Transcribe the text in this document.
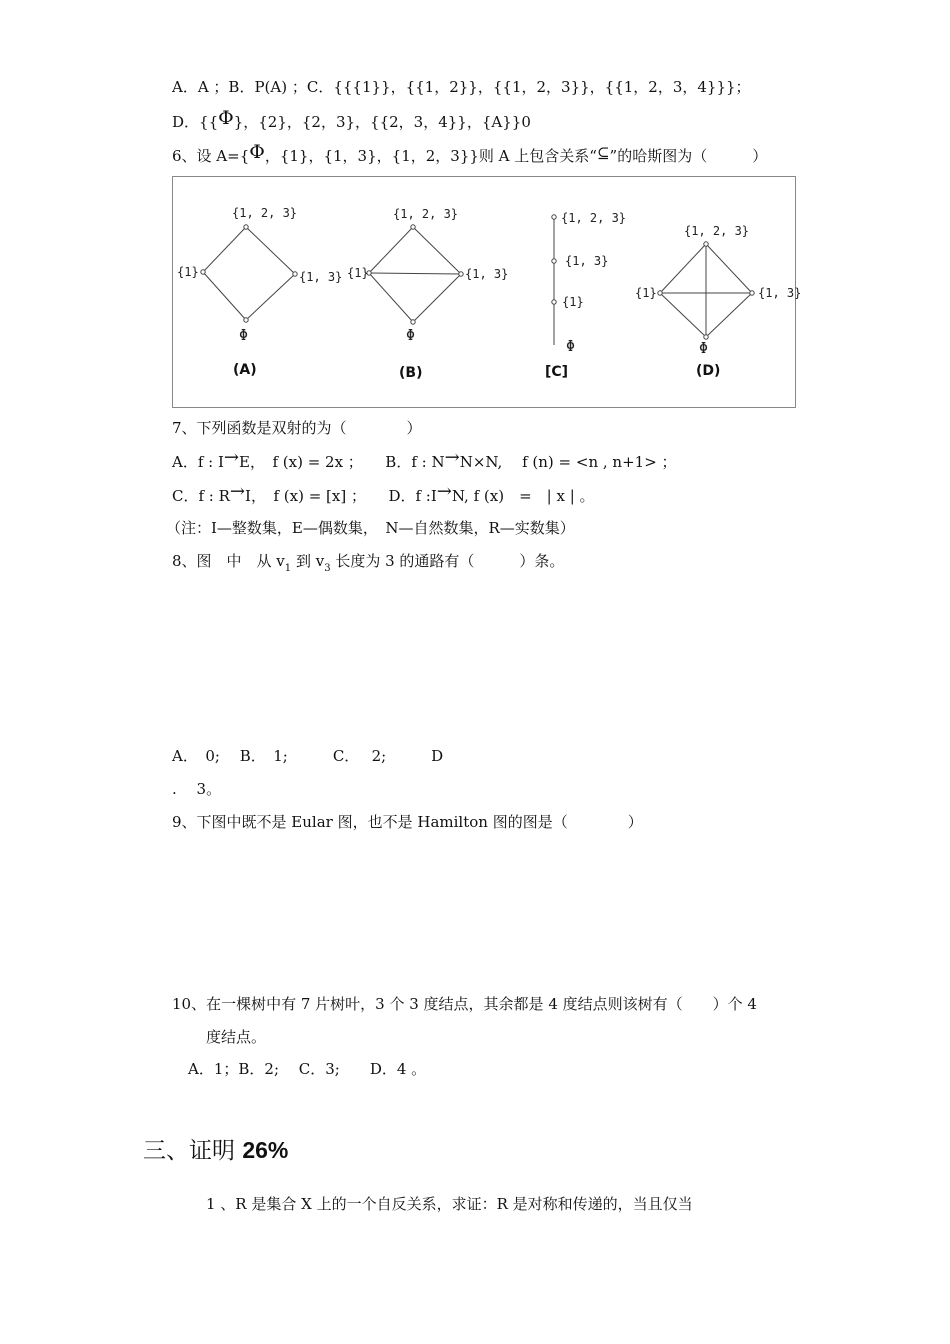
A．A ；B．P(A) ；C．{{{1}}，{{1，2}}，{{1，2，3}}，{{1，2，3，4}}}；
D．{{Φ}，{2}，{2，3}，{{2，3，4}}，{A}}0
6、设 A={Φ，{1}，{1，3}，{1，2，3}}则 A 上包含关系“⊆”的哈斯图为（　　　）
{1, 2, 3}
{1}	{1, 3}
Φ
(A)
{1, 2, 3}
{1}	{1, 3}
Φ
(B)
{1, 2, 3}
{1, 3}
{1}
Φ
[C]
{1, 2, 3}
{1}	{1, 3}
Φ
(D)
7、下列函数是双射的为（　　　　）
A．f : I→E，　f (x) = 2x ；　　B．f : N→N×N,　 f (n) = <n , n+1> ；
C．f : R→I，　f (x) = [x] ；　　D．f :I→N, f (x)　=　| x | 。
（注：I—整数集，E—偶数集，　N—自然数集，R—实数集）
8、图　中　从 $v_1$ 到 $v_3$ 长度为 3 的通路有（　　　）条。
A．　0;　 B．　1;　　　C．　 2;　　　D
.　 3。
9、下图中既不是 Eular 图，也不是 Hamilton 图的图是（　　　　）
10、在一棵树中有 7 片树叶，3 个 3 度结点，其余都是 4 度结点则该树有（　　）个 4
度结点。
A．1；B．2;　 C．3;　　D．4 。
三、证明 26%
1 、R 是集合 X 上的一个自反关系，求证：R 是对称和传递的，当且仅当
